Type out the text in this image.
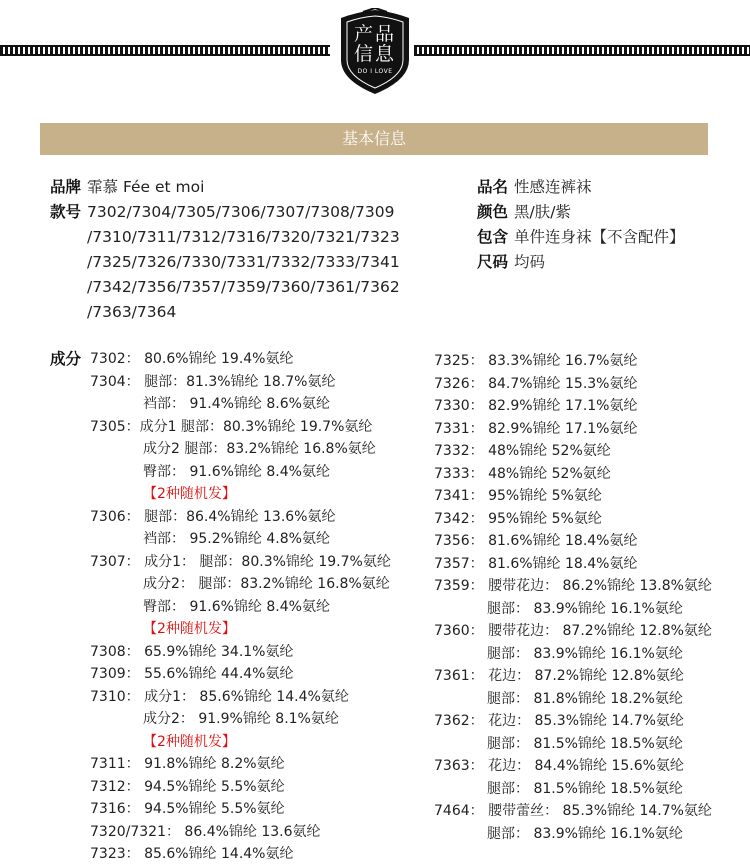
产品
信息
DO I LOVE
基本信息
品牌 霏慕 Fée et moi
款号 7302/7304/7305/7306/7307/7308/7309
/7310/7311/7312/7316/7320/7321/7323
/7325/7326/7330/7331/7332/7333/7341
/7342/7356/7357/7359/7360/7361/7362
/7363/7364
品名 性感连裤袜
颜色 黑/肤/紫
包含 单件连身袜【不含配件】
尺码 均码
成分 7302： 80.6%锦纶 19.4%氨纶
7304： 腿部：81.3%锦纶 18.7%氨纶
裆部： 91.4%锦纶 8.6%氨纶
7305：成分1 腿部：80.3%锦纶 19.7%氨纶
成分2 腿部：83.2%锦纶 16.8%氨纶
臀部： 91.6%锦纶 8.4%氨纶
【2种随机发】
7306： 腿部：86.4%锦纶 13.6%氨纶
裆部： 95.2%锦纶 4.8%氨纶
7307： 成分1： 腿部：80.3%锦纶 19.7%氨纶
成分2： 腿部：83.2%锦纶 16.8%氨纶
臀部： 91.6%锦纶 8.4%氨纶
【2种随机发】
7308： 65.9%锦纶 34.1%氨纶
7309： 55.6%锦纶 44.4%氨纶
7310： 成分1： 85.6%锦纶 14.4%氨纶
成分2： 91.9%锦纶 8.1%氨纶
【2种随机发】
7311： 91.8%锦纶 8.2%氨纶
7312： 94.5%锦纶 5.5%氨纶
7316： 94.5%锦纶 5.5%氨纶
7320/7321： 86.4%锦纶 13.6氨纶
7323： 85.6%锦纶 14.4%氨纶
7325： 83.3%锦纶 16.7%氨纶
7326： 84.7%锦纶 15.3%氨纶
7330： 82.9%锦纶 17.1%氨纶
7331： 82.9%锦纶 17.1%氨纶
7332： 48%锦纶 52%氨纶
7333： 48%锦纶 52%氨纶
7341： 95%锦纶 5%氨纶
7342： 95%锦纶 5%氨纶
7356： 81.6%锦纶 18.4%氨纶
7357： 81.6%锦纶 18.4%氨纶
7359： 腰带花边： 86.2%锦纶 13.8%氨纶
腿部： 83.9%锦纶 16.1%氨纶
7360： 腰带花边： 87.2%锦纶 12.8%氨纶
腿部： 83.9%锦纶 16.1%氨纶
7361： 花边： 87.2%锦纶 12.8%氨纶
腿部： 81.8%锦纶 18.2%氨纶
7362： 花边： 85.3%锦纶 14.7%氨纶
腿部： 81.5%锦纶 18.5%氨纶
7363： 花边： 84.4%锦纶 15.6%氨纶
腿部： 81.5%锦纶 18.5%氨纶
7464： 腰带蕾丝： 85.3%锦纶 14.7%氨纶
腿部： 83.9%锦纶 16.1%氨纶
